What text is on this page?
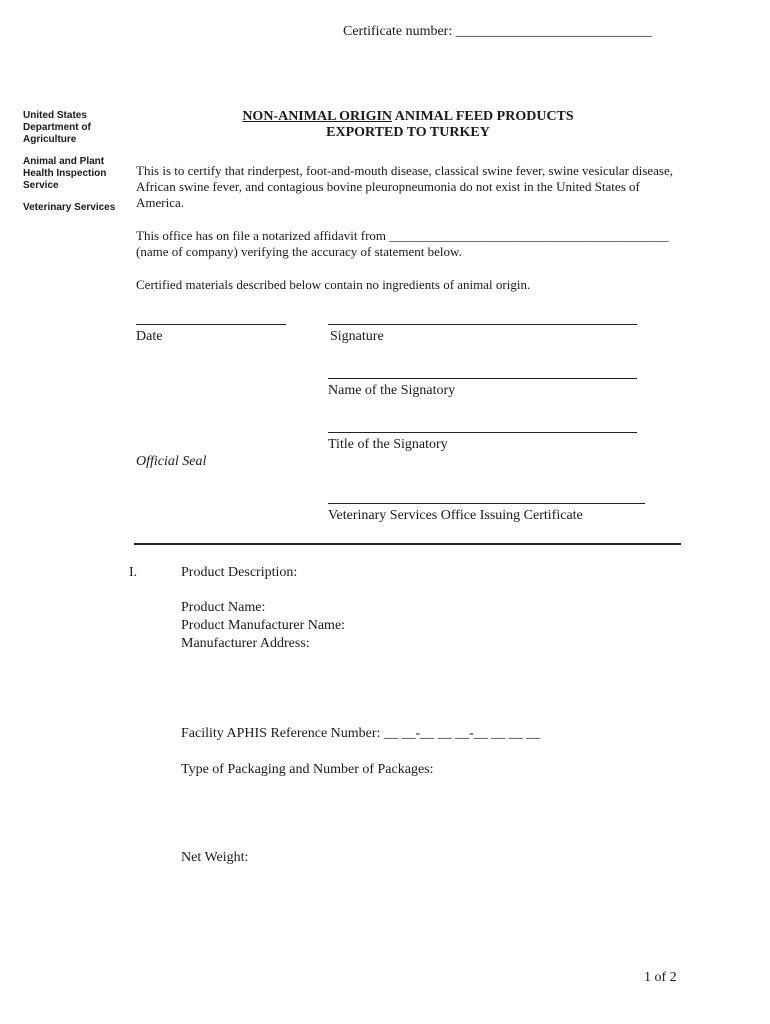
Certificate number: ____________________________
United States
Department of
Agriculture
Animal and Plant
Health Inspection
Service
Veterinary Services
NON-ANIMAL ORIGIN ANIMAL FEED PRODUCTS
EXPORTED TO TURKEY
This is to certify that rinderpest, foot-and-mouth disease, classical swine fever, swine vesicular disease, African swine fever, and contagious bovine pleuropneumonia do not exist in the United States of America.
This office has on file a notarized affidavit from ___________________________________________
(name of company) verifying the accuracy of statement below.
Certified materials described below contain no ingredients of animal origin.
Date	Signature
Name of the Signatory
Title of the Signatory
Official Seal
Veterinary Services Office Issuing Certificate
I.	Product Description:
Product Name:
Product Manufacturer Name:
Manufacturer Address:
Facility APHIS Reference Number: __ __-__ __ __-__ __ __ __
Type of Packaging and Number of Packages:
Net Weight:
1 of 2
